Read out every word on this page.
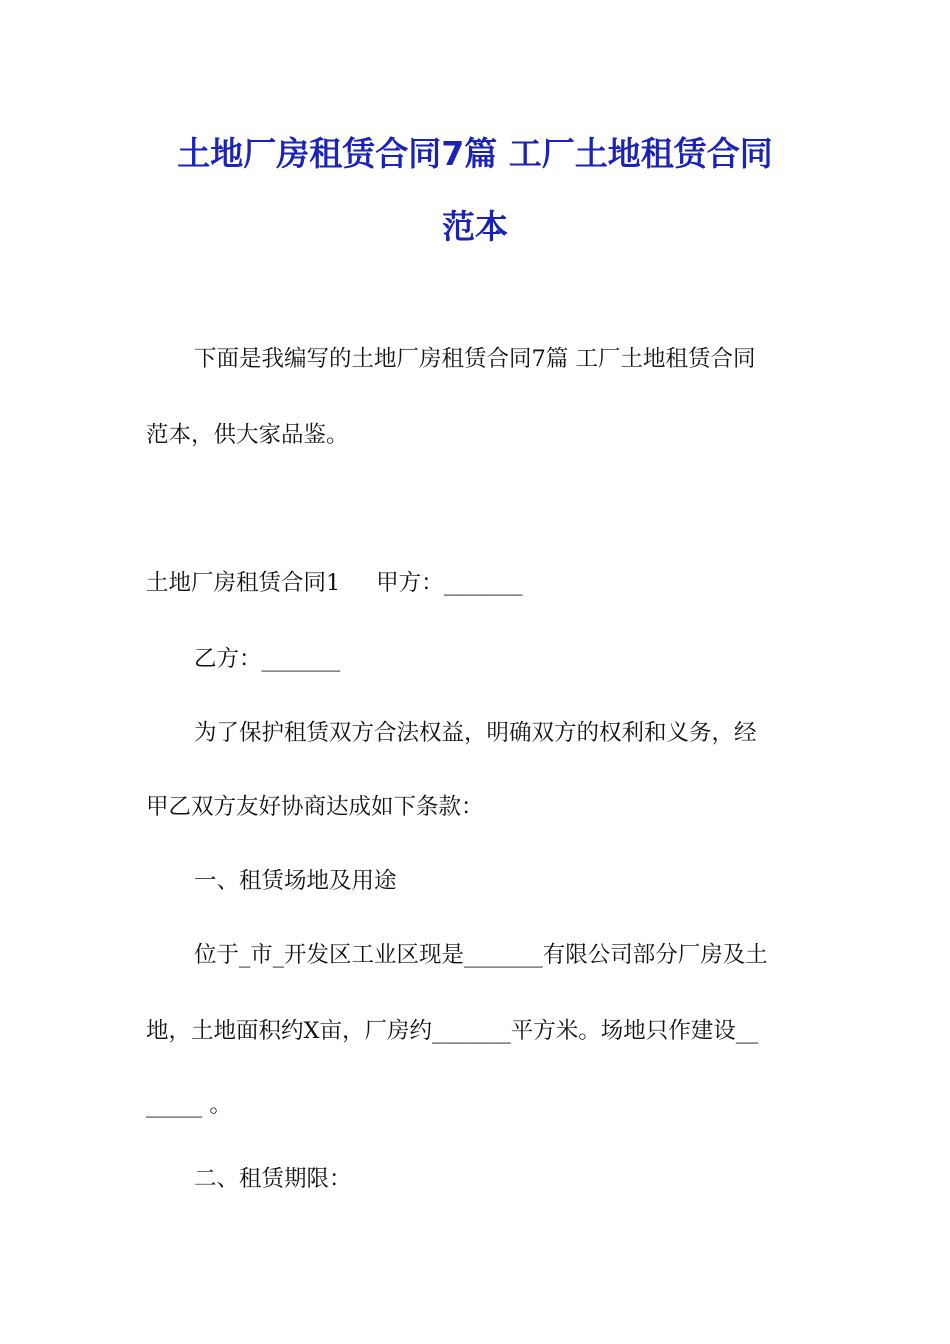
土地厂房租赁合同7篇 工厂土地租赁合同
范本
下面是我编写的土地厂房租赁合同7篇 工厂土地租赁合同
范本，供大家品鉴。
土地厂房租赁合同1     甲方：_______
乙方：_______
为了保护租赁双方合法权益，明确双方的权利和义务，经
甲乙双方友好协商达成如下条款：
一、租赁场地及用途
位于_市_开发区工业区现是_______有限公司部分厂房及土
地，土地面积约X亩，厂房约_______平方米。场地只作建设__
_____ 。
二、租赁期限：
